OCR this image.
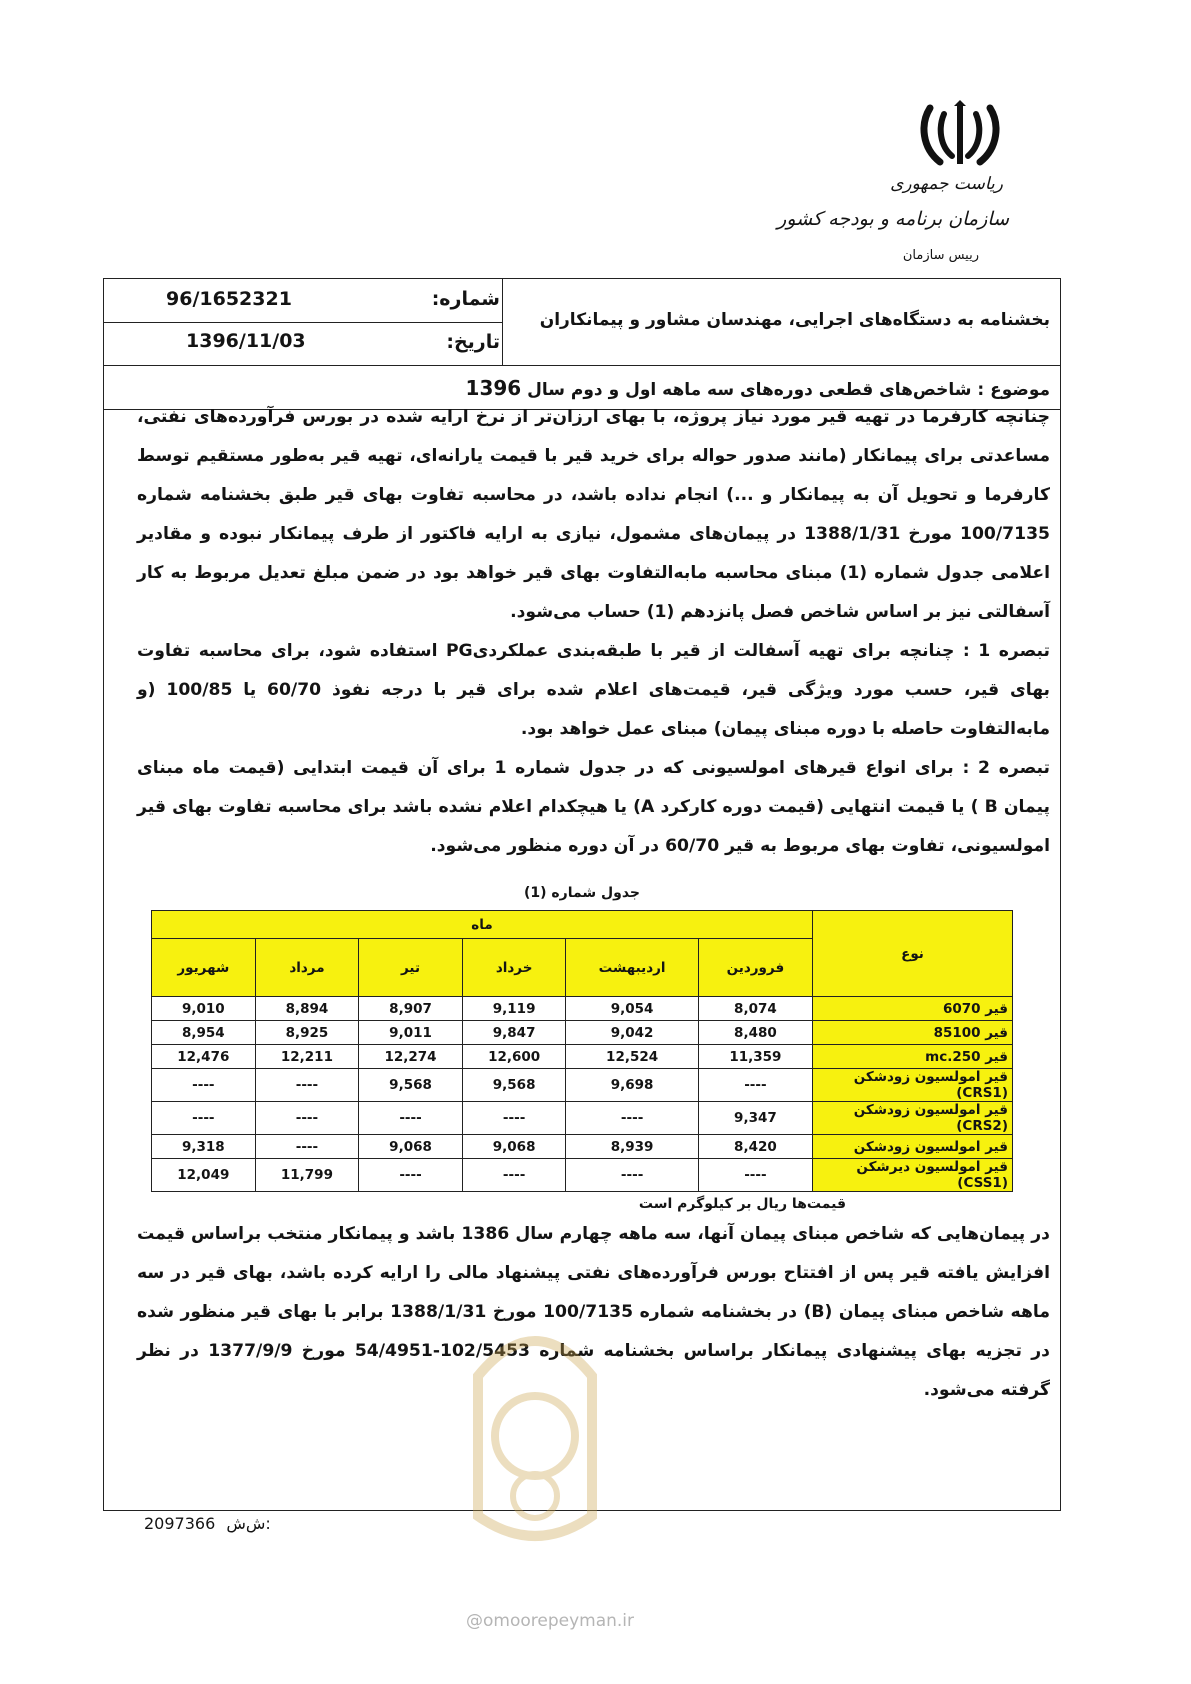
ریاست جمهوری
سازمان برنامه و بودجه کشور
رییس سازمان
شماره:
96/1652321
تاریخ:
1396/11/03
بخشنامه به دستگاه‌های اجرایی، مهندسان مشاور و پیمانکاران
موضوع : شاخص‌های قطعی دوره‌های سه ماهه اول و دوم سال 1396

چنانچه کارفرما در تهیه قیر مورد نیاز پروژه، با بهای ارزان‌تر از نرخ ارایه شده در بورس فرآورده‌های نفتی، مساعدتی برای پیمانکار (مانند صدور حواله برای خرید قیر با قیمت یارانه‌ای، تهیه قیر به‌طور مستقیم توسط کارفرما و تحویل آن به پیمانکار و ...) انجام نداده باشد، در محاسبه تفاوت بهای قیر طبق بخشنامه شماره 100/7135 مورخ 1388/1/31 در پیمان‌های مشمول، نیازی به ارایه فاکتور از طرف پیمانکار نبوده و مقادیر اعلامی جدول شماره (1) مبنای محاسبه مابه‌التفاوت بهای قیر خواهد بود در ضمن مبلغ تعدیل مربوط به کار آسفالتی نیز بر اساس شاخص فصل پانزدهم (1) حساب می‌شود.

تبصره 1 : چنانچه برای تهیه آسفالت از قیر با طبقه‌بندی عملکردیPG استفاده شود، برای محاسبه تفاوت بهای قیر، حسب مورد ویژگی قیر، قیمت‌های اعلام شده برای قیر با درجه نفوذ 60/70 یا 100/85 (و مابه‌التفاوت حاصله با دوره مبنای پیمان) مبنای عمل خواهد بود.

تبصره 2 : برای انواع قیرهای امولسیونی که در جدول شماره 1 برای آن قیمت ابتدایی (قیمت ماه مبنای پیمان B ) یا قیمت انتهایی (قیمت دوره کارکرد A) یا هیچکدام اعلام نشده باشد برای محاسبه تفاوت بهای قیر امولسیونی، تفاوت بهای مربوط به قیر 60/70 در آن دوره منظور می‌شود.

جدول شماره (1)
نوع	ماه					
	فروردین	اردیبهشت	خرداد	تیر	مرداد	شهریور
قیر 6070	8,074	9,054	9,119	8,907	8,894	9,010
قیر 85100	8,480	9,042	9,847	9,011	8,925	8,954
قیر mc.250	11,359	12,524	12,600	12,274	12,211	12,476
قیر امولسیون زودشکن (CRS1)	----	9,698	9,568	9,568	----	----
قیر امولسیون زودشکن (CRS2)	9,347	----	----	----	----	----
قیر امولسیون زودشکن	8,420	8,939	9,068	9,068	----	9,318
قیر امولسیون دیرشکن (CSS1)	----	----	----	----	11,799	12,049
قیمت‌ها ریال بر کیلوگرم است
در پیمان‌هایی که شاخص مبنای پیمان آنها، سه ماهه چهارم سال 1386 باشد و پیمانکار منتخب براساس قیمت افزایش یافته قیر پس از افتتاح بورس فرآورده‌های نفتی پیشنهاد مالی را ارایه کرده باشد، بهای قیر در سه ماهه شاخص مبنای پیمان (B) در بخشنامه شماره 100/7135 مورخ 1388/1/31 برابر با بهای قیر منظور شده در تجزیه بهای پیشنهادی پیمانکار براساس بخشنامه شماره 102/5453-54/4951 مورخ 1377/9/9 در نظر گرفته می‌شود.
2097366 ش‌ش:
@omoorepeyman.ir
